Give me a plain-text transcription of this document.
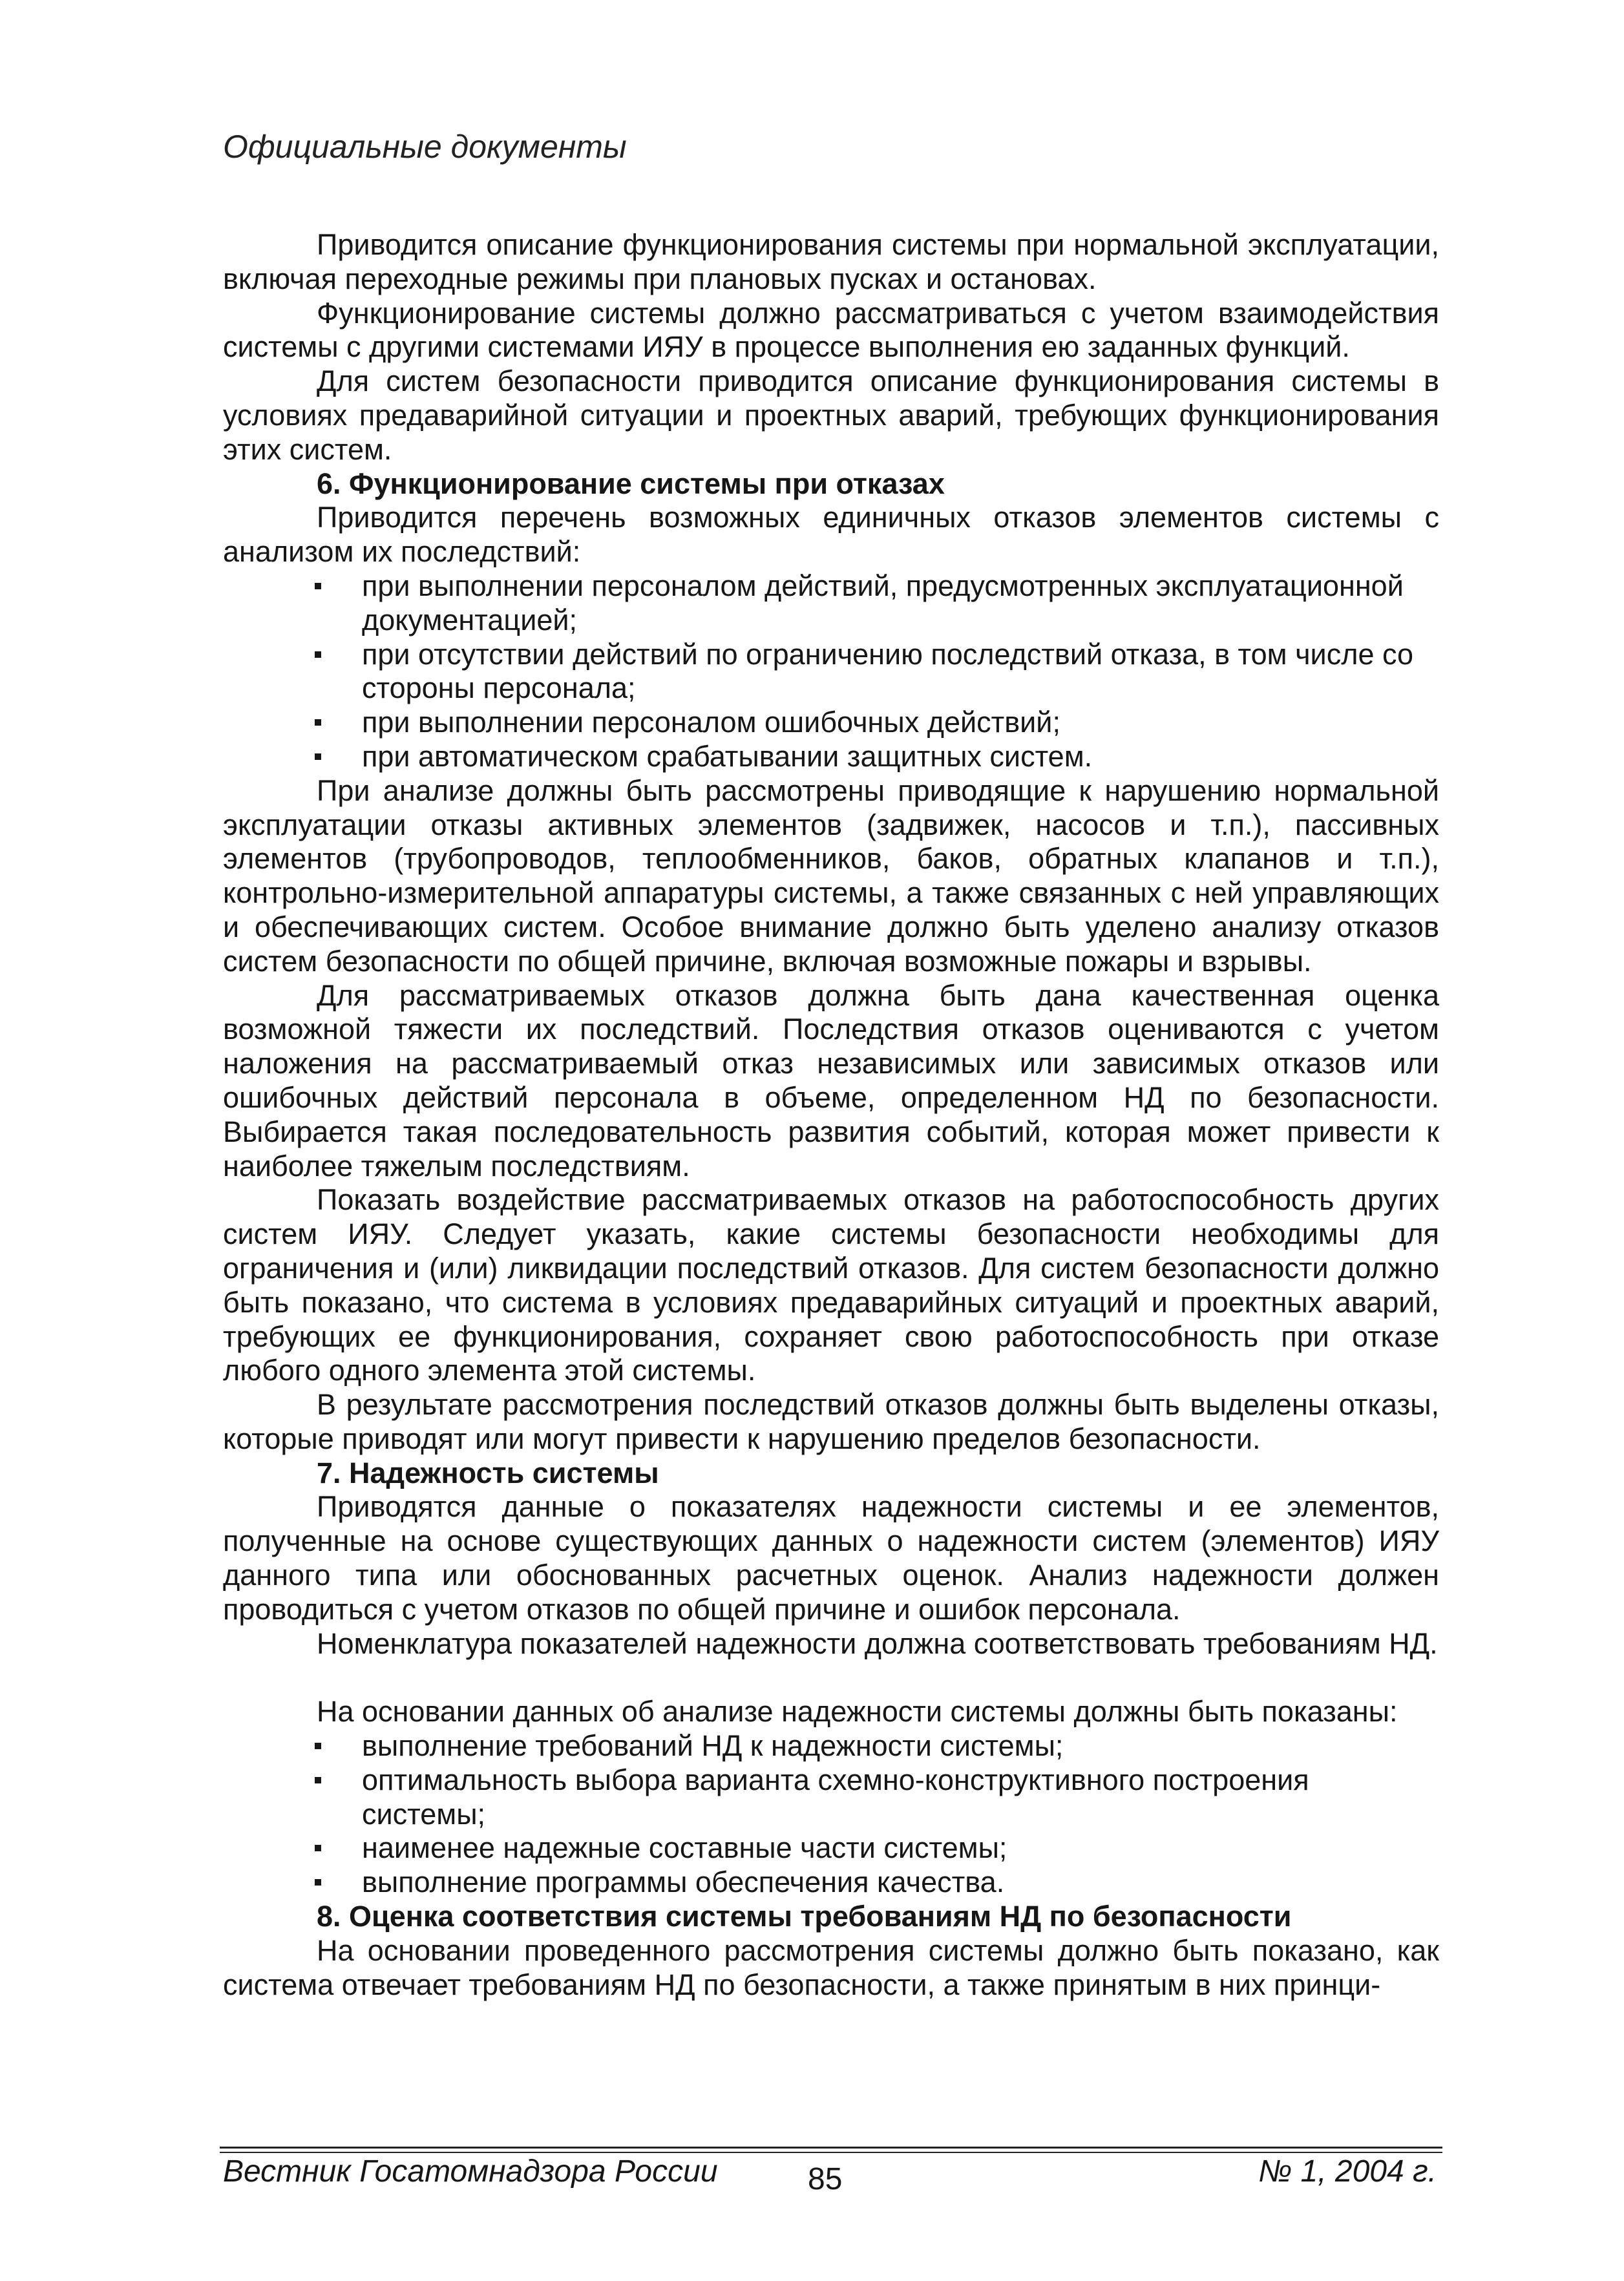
Официальные документы

Приводится описание функционирования системы при нормальной эксплуатации, включая переходные режимы при плановых пусках и остановах.

Функционирование системы должно рассматриваться с учетом взаимодействия системы с другими системами ИЯУ в процессе выполнения ею заданных функций.

Для систем безопасности приводится описание функционирования системы в условиях предаварийной ситуации и проектных аварий, требующих функционирования этих систем.

6. Функционирование системы при отказах

Приводится перечень возможных единичных отказов элементов системы с анализом их последствий:

при выполнении персоналом действий, предусмотренных эксплуатационной документацией;
при отсутствии действий по ограничению последствий отказа, в том числе со стороны персонала;
при выполнении персоналом ошибочных действий;
при автоматическом срабатывании защитных систем.

При анализе должны быть рассмотрены приводящие к нарушению нормальной эксплуатации отказы активных элементов (задвижек, насосов и т.п.), пассивных элементов (трубопроводов, теплообменников, баков, обратных клапанов и т.п.), контрольно-измерительной аппаратуры системы, а также связанных с ней управляющих и обеспечивающих систем. Особое внимание должно быть уделено анализу отказов систем безопасности по общей причине, включая возможные пожары и взрывы.

Для рассматриваемых отказов должна быть дана качественная оценка возможной тяжести их последствий. Последствия отказов оцениваются с учетом наложения на рассматриваемый отказ независимых или зависимых отказов или ошибочных действий персонала в объеме, определенном НД по безопасности. Выбирается такая последовательность развития событий, которая может привести к наиболее тяжелым последствиям.

Показать воздействие рассматриваемых отказов на работоспособность других систем ИЯУ. Следует указать, какие системы безопасности необходимы для ограничения и (или) ликвидации последствий отказов. Для систем безопасности должно быть показано, что система в условиях предаварийных ситуаций и проектных аварий, требующих ее функционирования, сохраняет свою работоспособность при отказе любого одного элемента этой системы.

В результате рассмотрения последствий отказов должны быть выделены отказы, которые приводят или могут привести к нарушению пределов безопасности.

7. Надежность системы

Приводятся данные о показателях надежности системы и ее элементов, полученные на основе существующих данных о надежности систем (элементов) ИЯУ данного типа или обоснованных расчетных оценок. Анализ надежности должен проводиться с учетом отказов по общей причине и ошибок персонала.

Номенклатура показателей надежности должна соответствовать требованиям НД.

На основании данных об анализе надежности системы должны быть показаны:

выполнение требований НД к надежности системы;
оптимальность выбора варианта схемно-конструктивного построения системы;
наименее надежные составные части системы;
выполнение программы обеспечения качества.
8. Оценка соответствия системы требованиям НД по безопасности

На основании проведенного рассмотрения системы должно быть показано, как система отвечает требованиям НД по безопасности, а также принятым в них принци-

Вестник Госатомнадзора России	85	№ 1, 2004 г.
